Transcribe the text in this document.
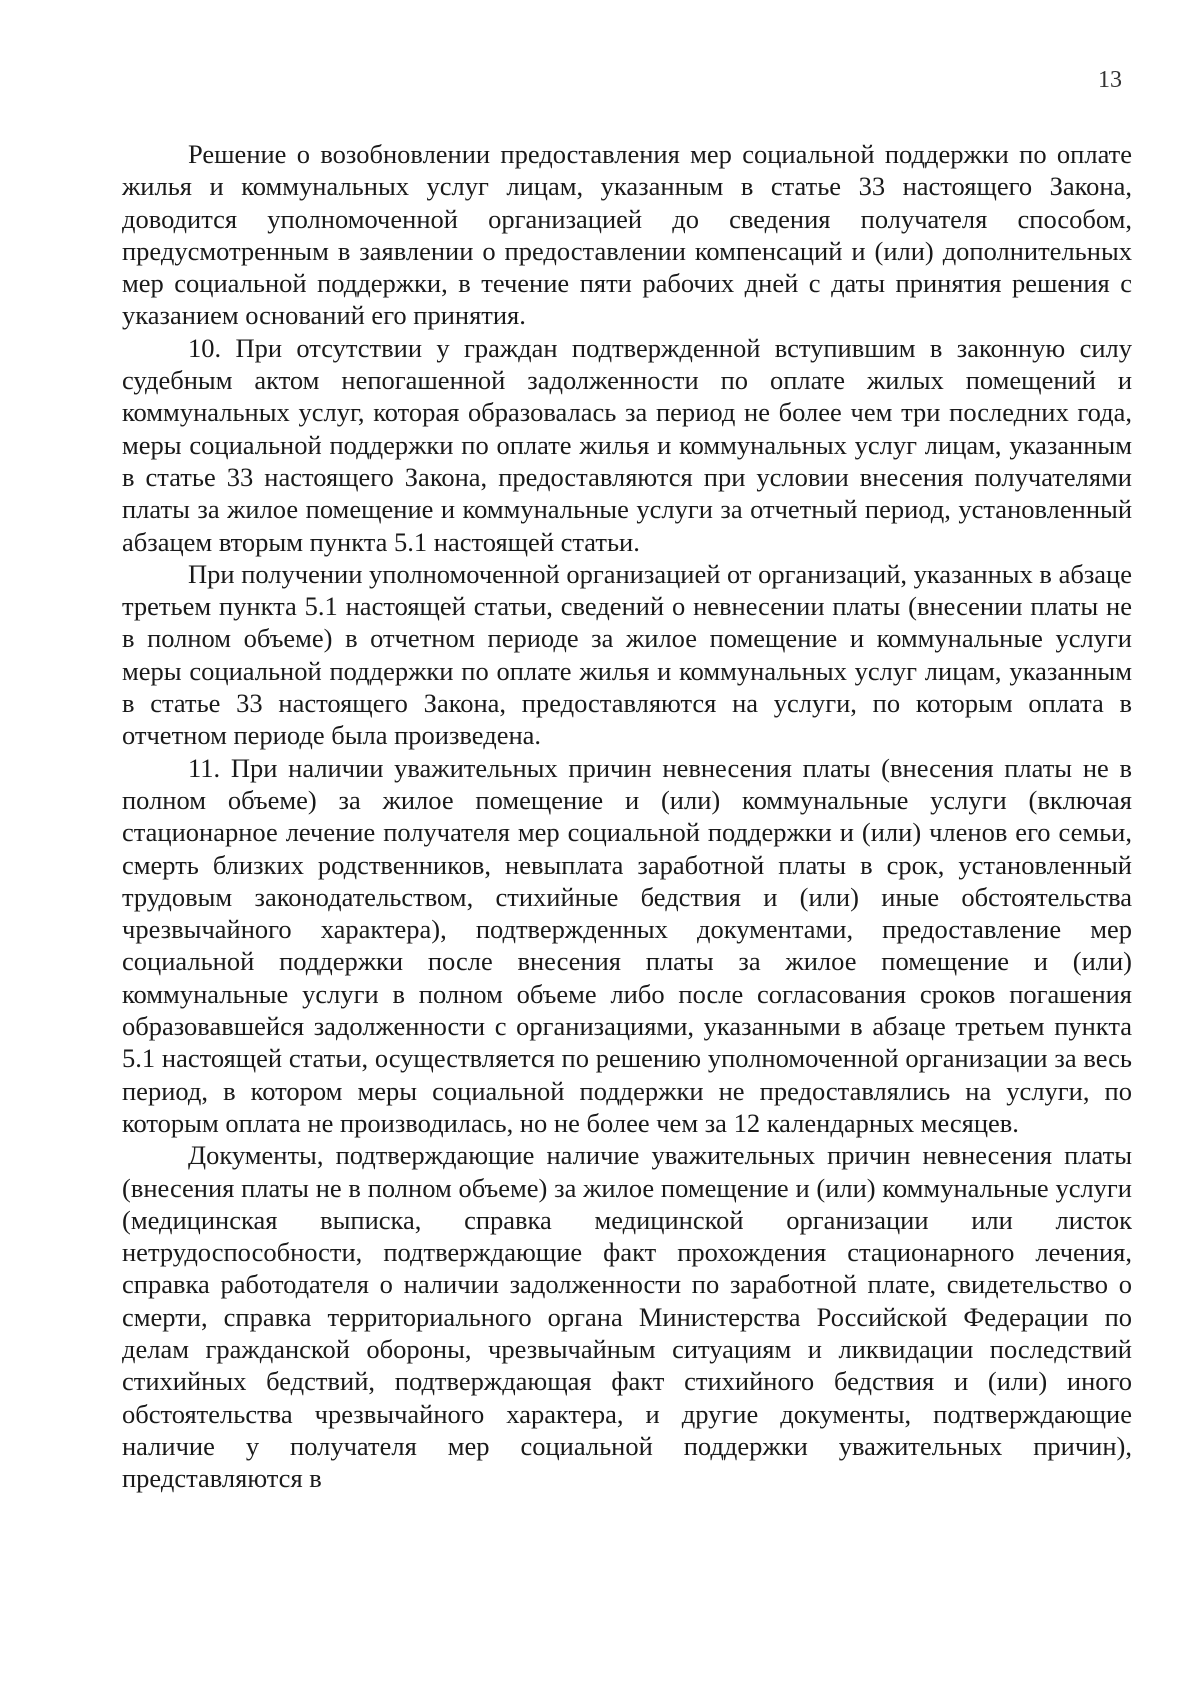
13

Решение о возобновлении предоставления мер социальной поддержки по оплате жилья и коммунальных услуг лицам, указанным в статье 33 настоящего Закона, доводится уполномоченной организацией до сведения получателя способом, предусмотренным в заявлении о предоставлении компенсаций и (или) дополнительных мер социальной поддержки, в течение пяти рабочих дней с даты принятия решения с указанием оснований его принятия.

10. При отсутствии у граждан подтвержденной вступившим в законную силу судебным актом непогашенной задолженности по оплате жилых помещений и коммунальных услуг, которая образовалась за период не более чем три последних года, меры социальной поддержки по оплате жилья и коммунальных услуг лицам, указанным в статье 33 настоящего Закона, предоставляются при условии внесения получателями платы за жилое помещение и коммунальные услуги за отчетный период, установленный абзацем вторым пункта 5.1 настоящей статьи.

При получении уполномоченной организацией от организаций, указанных в абзаце третьем пункта 5.1 настоящей статьи, сведений о невнесении платы (внесении платы не в полном объеме) в отчетном периоде за жилое помещение и коммунальные услуги меры социальной поддержки по оплате жилья и коммунальных услуг лицам, указанным в статье 33 настоящего Закона, предоставляются на услуги, по которым оплата в отчетном периоде была произведена.

11. При наличии уважительных причин невнесения платы (внесения платы не в полном объеме) за жилое помещение и (или) коммунальные услуги (включая стационарное лечение получателя мер социальной поддержки и (или) членов его семьи, смерть близких родственников, невыплата заработной платы в срок, установленный трудовым законодательством, стихийные бедствия и (или) иные обстоятельства чрезвычайного характера), подтвержденных документами, предоставление мер социальной поддержки после внесения платы за жилое помещение и (или) коммунальные услуги в полном объеме либо после согласования сроков погашения образовавшейся задолженности с организациями, указанными в абзаце третьем пункта 5.1 настоящей статьи, осуществляется по решению уполномоченной организации за весь период, в котором меры социальной поддержки не предоставлялись на услуги, по которым оплата не производилась, но не более чем за 12 календарных месяцев.

Документы, подтверждающие наличие уважительных причин невнесения платы (внесения платы не в полном объеме) за жилое помещение и (или) коммунальные услуги (медицинская выписка, справка медицинской организации или листок нетрудоспособности, подтверждающие факт прохождения стационарного лечения, справка работодателя о наличии задолженности по заработной плате, свидетельство о смерти, справка территориального органа Министерства Российской Федерации по делам гражданской обороны, чрезвычайным ситуациям и ликвидации последствий стихийных бедствий, подтверждающая факт стихийного бедствия и (или) иного обстоятельства чрезвычайного характера, и другие документы, подтверждающие наличие у получателя мер социальной поддержки уважительных причин), представляются в
